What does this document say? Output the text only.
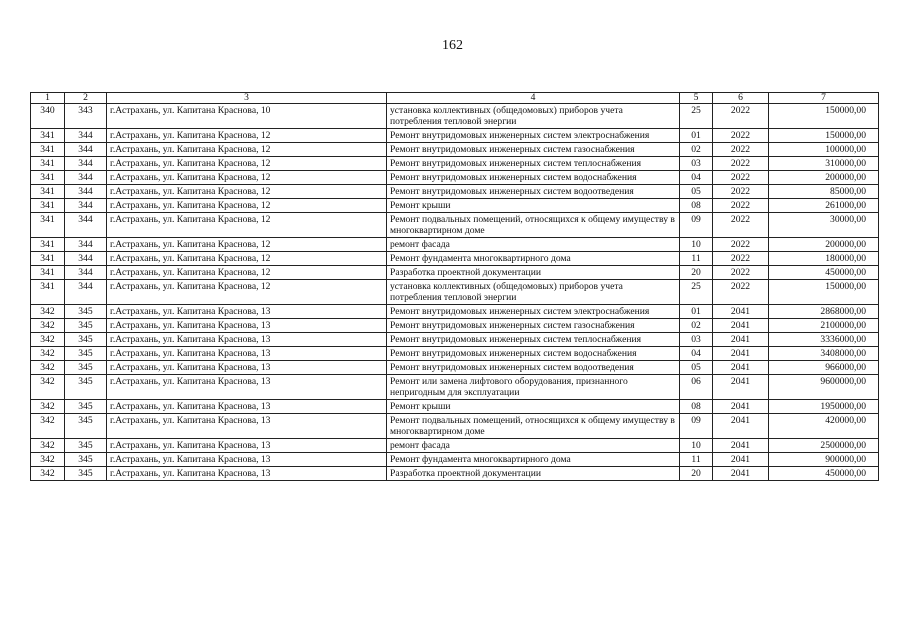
162
1	2	3	4	5	6	7
340	343	г.Астрахань, ул. Капитана Краснова, 10	установка коллективных (общедомовых) приборов учета потребления тепловой энергии	25	2022	150000,00
341	344	г.Астрахань, ул. Капитана Краснова, 12	Ремонт внутридомовых инженерных систем электроснабжения	01	2022	150000,00
341	344	г.Астрахань, ул. Капитана Краснова, 12	Ремонт внутридомовых инженерных систем газоснабжения	02	2022	100000,00
341	344	г.Астрахань, ул. Капитана Краснова, 12	Ремонт внутридомовых инженерных систем теплоснабжения	03	2022	310000,00
341	344	г.Астрахань, ул. Капитана Краснова, 12	Ремонт внутридомовых инженерных систем водоснабжения	04	2022	200000,00
341	344	г.Астрахань, ул. Капитана Краснова, 12	Ремонт внутридомовых инженерных систем водоотведения	05	2022	85000,00
341	344	г.Астрахань, ул. Капитана Краснова, 12	Ремонт крыши	08	2022	261000,00
341	344	г.Астрахань, ул. Капитана Краснова, 12	Ремонт подвальных помещений, относящихся к общему имуществу в многоквартирном доме	09	2022	30000,00
341	344	г.Астрахань, ул. Капитана Краснова, 12	ремонт фасада	10	2022	200000,00
341	344	г.Астрахань, ул. Капитана Краснова, 12	Ремонт фундамента многоквартирного дома	11	2022	180000,00
341	344	г.Астрахань, ул. Капитана Краснова, 12	Разработка проектной документации	20	2022	450000,00
341	344	г.Астрахань, ул. Капитана Краснова, 12	установка коллективных (общедомовых) приборов учета потребления тепловой энергии	25	2022	150000,00
342	345	г.Астрахань, ул. Капитана Краснова, 13	Ремонт внутридомовых инженерных систем электроснабжения	01	2041	2868000,00
342	345	г.Астрахань, ул. Капитана Краснова, 13	Ремонт внутридомовых инженерных систем газоснабжения	02	2041	2100000,00
342	345	г.Астрахань, ул. Капитана Краснова, 13	Ремонт внутридомовых инженерных систем теплоснабжения	03	2041	3336000,00
342	345	г.Астрахань, ул. Капитана Краснова, 13	Ремонт внутридомовых инженерных систем водоснабжения	04	2041	3408000,00
342	345	г.Астрахань, ул. Капитана Краснова, 13	Ремонт внутридомовых инженерных систем водоотведения	05	2041	966000,00
342	345	г.Астрахань, ул. Капитана Краснова, 13	Ремонт или замена лифтового оборудования, признанного непригодным для эксплуатации	06	2041	9600000,00
342	345	г.Астрахань, ул. Капитана Краснова, 13	Ремонт крыши	08	2041	1950000,00
342	345	г.Астрахань, ул. Капитана Краснова, 13	Ремонт подвальных помещений, относящихся к общему имуществу в многоквартирном доме	09	2041	420000,00
342	345	г.Астрахань, ул. Капитана Краснова, 13	ремонт фасада	10	2041	2500000,00
342	345	г.Астрахань, ул. Капитана Краснова, 13	Ремонт фундамента многоквартирного дома	11	2041	900000,00
342	345	г.Астрахань, ул. Капитана Краснова, 13	Разработка проектной документации	20	2041	450000,00
